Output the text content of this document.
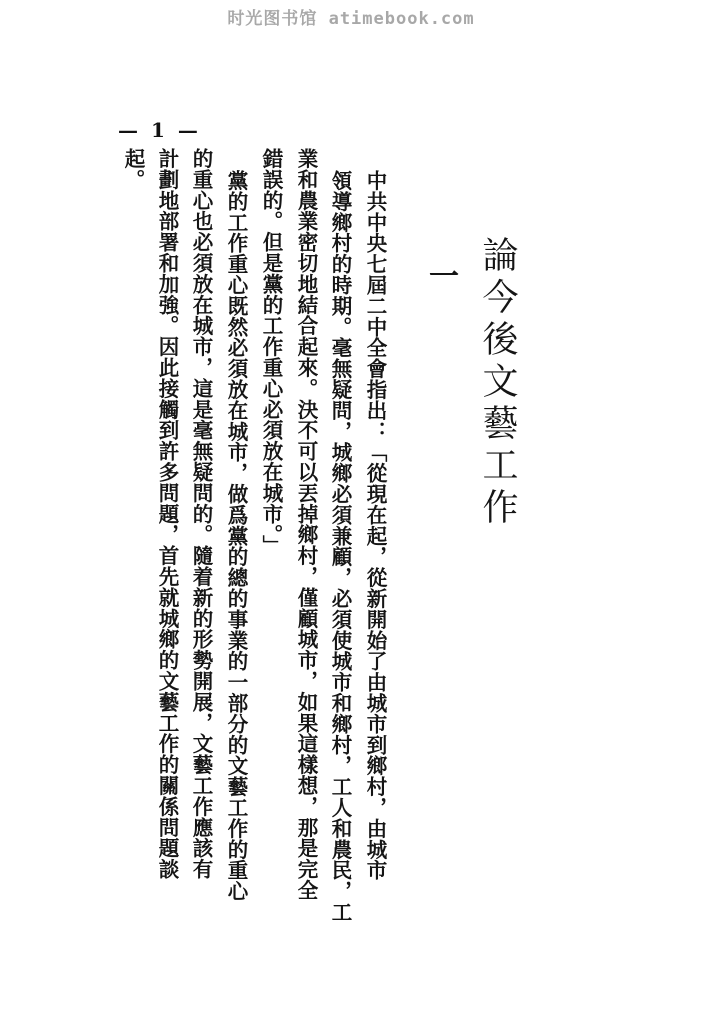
时光图书馆 atimebook.com
— 1 —
論今後文藝工作
一
中共中央七屆二中全會指出：「從現在起，從新開始了由城市到鄉村，由城市
領導鄉村的時期。毫無疑問，城鄉必須兼顧，必須使城市和鄉村，工人和農民，工
業和農業密切地結合起來。決不可以丟掉鄉村，僅顧城市，如果這樣想，那是完全
錯誤的。但是黨的工作重心必須放在城市。」
黨的工作重心既然必須放在城市，做爲黨的總的事業的一部分的文藝工作的重心
的重心也必須放在城市，這是毫無疑問的。隨着新的形勢開展，文藝工作應該有
計劃地部署和加強。因此接觸到許多問題，首先就城鄉的文藝工作的關係問題談
起。
